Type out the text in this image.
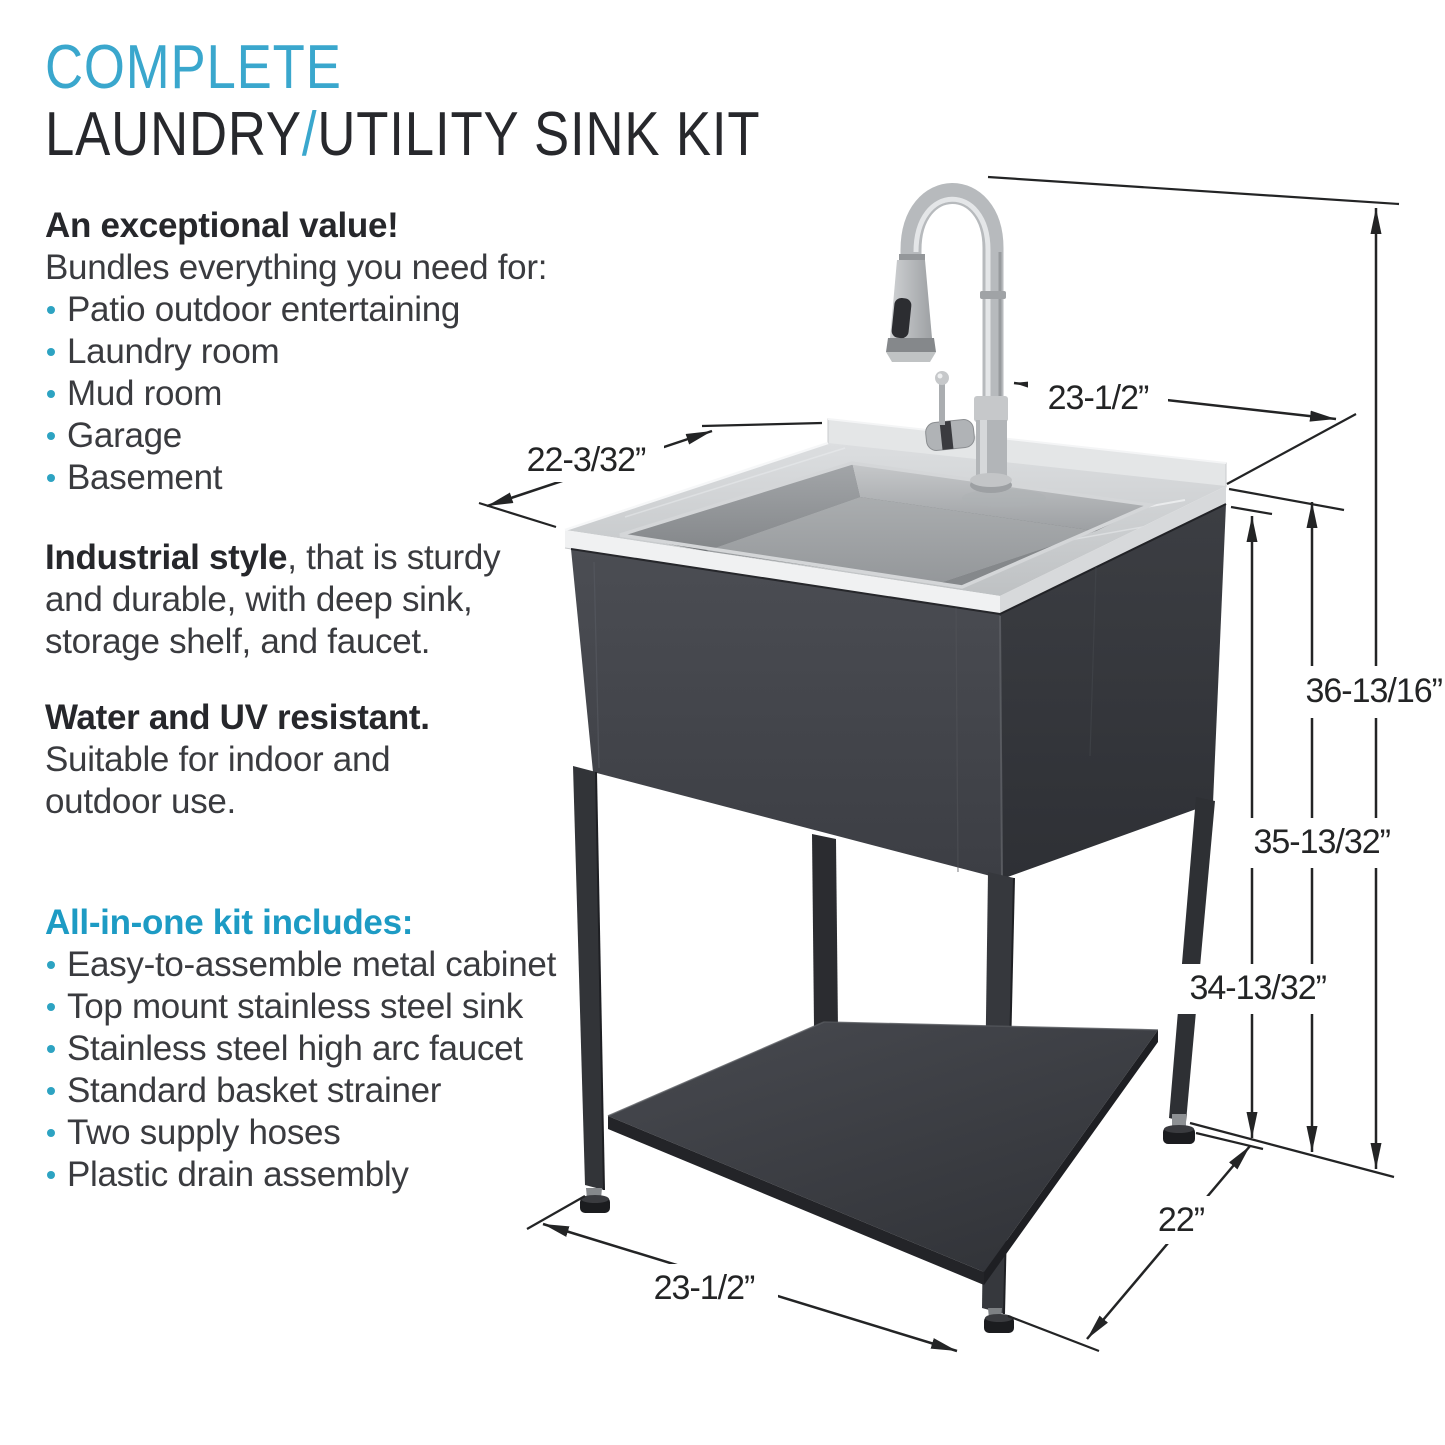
23-1/2”
22-3/32”
36-13/16”
35-13/32”
34-13/32”
22”
23-1/2”
COMPLETE
LAUNDRY/UTILITY SINK KIT
An exceptional value!
Bundles everything you need for:
Patio outdoor entertaining
Laundry room
Mud room
Garage
Basement
Industrial style, that is sturdy
and durable, with deep sink,
storage shelf, and faucet.
Water and UV resistant.
Suitable for indoor and
outdoor use.
All-in-one kit includes:
Easy-to-assemble metal cabinet
Top mount stainless steel sink
Stainless steel high arc faucet
Standard basket strainer
Two supply hoses
Plastic drain assembly
